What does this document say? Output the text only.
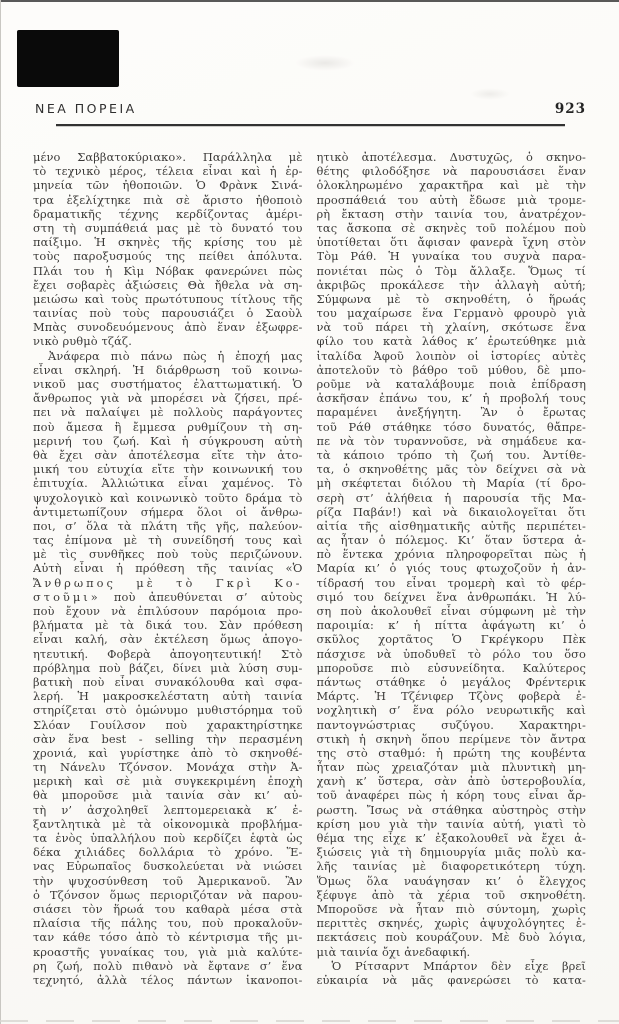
ΝΕΑ ΠΟΡΕΙΑ	923
μένο Σαββατοκύριακο». Παράλληλα μὲ
τὸ τεχνικὸ μέρος, τέλεια εἶναι καὶ ἡ ἑρ-
μηνεία τῶν ἠθοποιῶν. Ὁ Φρὰνκ Σινά-
τρα ἐξελίχτηκε πιὰ σὲ ἄριστο ἠθοποιὸ
δραματικῆς τέχνης κερδίζοντας ἀμέρι-
στη τὴ συμπάθειά μας μὲ τὸ δυνατό του
παίξιμο. Ἡ σκηνὲς τῆς κρίσης του μὲ
τοὺς παροξυσμούς της πείθει ἀπόλυτα.
Πλάι του ἡ Κὶμ Νόβακ φανερώνει πὼς
ἔχει σοβαρὲς ἀξιώσεις Θὰ ἤθελα νὰ ση-
μειώσω καὶ τοὺς πρωτότυπους τίτλους τῆς
ταινίας ποὺ τοὺς παρουσιάζει ὁ Σαοὺλ
Μπὰς συνοδευόμενους ἀπὸ ἕναν ἐξωφρε-
νικὸ ρυθμὸ τζάζ.
Ἀνάφερα πιὸ πάνω πὼς ἡ ἐποχή μας
εἶναι σκληρή. Ἡ διάρθρωση τοῦ κοινω-
νικοῦ μας συστήματος ἐλαττωματική. Ὁ
ἄνθρωπος γιὰ νὰ μπορέσει νὰ ζήσει, πρέ-
πει νὰ παλαίψει μὲ πολλοὺς παράγοντες
ποὺ ἄμεσα ἢ ἔμμεσα ρυθμίζουν τὴ ση-
μερινή του ζωή. Καὶ ἡ σύγκρουση αὐτὴ
θὰ ἔχει σὰν ἀποτέλεσμα εἴτε τὴν ἀτο-
μική του εὐτυχία εἴτε τὴν κοινωνική του
ἐπιτυχία. Ἀλλιώτικα εἶναι χαμένος. Τὸ
ψυχολογικὸ καὶ κοινωνικὸ τοῦτο δράμα τὸ
ἀντιμετωπίζουν σήμερα ὅλοι οἱ ἄνθρω-
ποι, σ’ ὅλα τὰ πλάτη τῆς γῆς, παλεύον-
τας ἐπίμονα μὲ τὴ συνείδησή τους καὶ
μὲ τὶς συνθῆκες ποὺ τοὺς περιζώνουν.
Αὐτὴ εἶναι ἡ πρόθεση τῆς ταινίας «Ὁ
Ἄνθρωπος μὲ τὸ Γκρὶ Κο-
στοῦμι» ποὺ ἀπευθύνεται σ’ αὐτοὺς
ποὺ ἔχουν νὰ ἐπιλύσουν παρόμοια προ-
βλήματα μὲ τὰ δικά του. Σὰν πρόθεση
εἶναι καλή, σὰν ἐκτέλεση ὅμως ἀπογο-
ητευτική. Φοβερὰ ἀπογοητευτική! Στὸ
πρόβλημα ποὺ βάζει, δίνει μιὰ λύση συμ-
βατικὴ ποὺ εἶναι συνακόλουθα καὶ σφα-
λερή. Ἡ μακροσκελέστατη αὐτὴ ταινία
στηρίζεται στὸ ὁμώνυμο μυθιστόρημα τοῦ
Σλόαν Γουίλσον ποὺ χαρακτηρίστηκε
σὰν ἕνα best - selling τὴν περασμένη
χρονιά, καὶ γυρίστηκε ἀπὸ τὸ σκηνοθέ-
τη Νάνελυ Τζόνσον. Μονάχα στὴν Ἀ-
μερικὴ καὶ σὲ μιὰ συγκεκριμένη ἐποχὴ
θὰ μποροῦσε μιὰ ταινία σὰν κι’ αὐ-
τὴ ν’ ἀσχοληθεῖ λεπτομερειακὰ κ’ ἐ-
ξαντλητικὰ μὲ τὰ οἰκονομικὰ προβλήμα-
τα ἑνὸς ὑπαλλήλου ποὺ κερδίζει ἑφτὰ ὡς
δέκα χιλιάδες δολλάρια τὸ χρόνο. Ἕ-
νας Εὐρωπαῖος δυσκολεύεται νὰ νιώσει
τὴν ψυχοσύνθεση τοῦ Ἀμερικανοῦ. Ἂν
ὁ Τζόνσον ὅμως περιοριζόταν νὰ παρου-
σιάσει τὸν ἥρωά του καθαρὰ μέσα στὰ
πλαίσια τῆς πάλης του, ποὺ προκαλοῦν-
ταν κάθε τόσο ἀπὸ τὸ κέντρισμα τῆς μι-
κροαστῆς γυναίκας του, γιὰ μιὰ καλύτε-
ρη ζωή, πολὺ πιθανὸ νὰ ἔφτανε σ’ ἕνα
τεχνητό, ἀλλὰ τέλος πάντων ἱκανοποι-
ητικὸ ἀποτέλεσμα. Δυστυχῶς, ὁ σκηνο-
θέτης φιλοδόξησε νὰ παρουσιάσει ἕναν
ὁλοκληρωμένο χαρακτῆρα καὶ μὲ τὴν
προσπάθειά του αὐτὴ ἔδωσε μιὰ τρομε-
ρὴ ἔκταση στὴν ταινία του, ἀνατρέχον-
τας ἄσκοπα σὲ σκηνὲς τοῦ πολέμου ποὺ
ὑποτίθεται ὅτι ἄφισαν φανερὰ ἴχνη στὸν
Τὸμ Ράθ. Ἡ γυναίκα του συχνὰ παρα-
πονιέται πὼς ὁ Τὸμ ἄλλαξε. Ὅμως τί
ἀκριβῶς προκάλεσε τὴν ἀλλαγὴ αὐτή;
Σύμφωνα μὲ τὸ σκηνοθέτη, ὁ ἥρωάς
του μαχαίρωσε ἕνα Γερμανὸ φρουρὸ γιὰ
νὰ τοῦ πάρει τὴ χλαίνη, σκότωσε ἕνα
φίλο του κατὰ λάθος κ’ ἐρωτεύθηκε μιὰ
ἰταλίδα Ἀφοῦ λοιπὸν οἱ ἱστορίες αὐτὲς
ἀποτελοῦν τὸ βάθρο τοῦ μύθου, δὲ μπο-
ροῦμε νὰ καταλάβουμε ποιὰ ἐπίδραση
ἀσκῆσαν ἐπάνω του, κ’ ἡ προβολή τους
παραμένει ἀνεξήγητη. Ἂν ὁ ἔρωτας
τοῦ Ράθ στάθηκε τόσο δυνατός, θἄπρε-
πε νὰ τὸν τυραννοῦσε, νὰ σημάδευε κα-
τὰ κάποιο τρόπο τὴ ζωή του. Ἀντίθε-
τα, ὁ σκηνοθέτης μᾶς τὸν δείχνει σὰ νὰ
μὴ σκέφτεται διόλου τὴ Μαρία (τί δρο-
σερὴ στ’ ἀλήθεια ἡ παρουσία τῆς Μα-
ρίζα Παβάν!) καὶ νὰ δικαιολογεῖται ὅτι
αἰτία τῆς αἰσθηματικῆς αὐτῆς περιπέτει-
ας ἦταν ὁ πόλεμος. Κι’ ὅταν ὕστερα ἀ-
πὸ ἕντεκα χρόνια πληροφορεῖται πὼς ἡ
Μαρία κι’ ὁ γιός τους φτωχοζοῦν ἡ ἀν-
τίδρασή του εἶναι τρομερὴ καὶ τὸ φέρ-
σιμό του δείχνει ἕνα ἀνθρωπάκι. Ἡ λύ-
ση ποὺ ἀκολουθεῖ εἶναι σύμφωνη μὲ τὴν
παροιμία: κ’ ἡ πίττα ἀφάγωτη κι’ ὁ
σκῦλος χορτᾶτος Ὁ Γκρέγκορυ Πὲκ
πάσχισε νὰ ὑποδυθεῖ τὸ ρόλο του ὅσο
μποροῦσε πιὸ εὐσυνείδητα. Καλύτερος
πάντως στάθηκε ὁ μεγάλος Φρέντερικ
Μάρτς. Ἡ Τζένιφερ Τζὸνς φοβερὰ ἐ-
νοχλητικὴ σ’ ἕνα ρόλο νευρωτικῆς καὶ
παντογνώστριας συζύγου. Χαρακτηρι-
στικὴ ἡ σκηνὴ ὅπου περίμενε τὸν ἄντρα
της στὸ σταθμό: ἡ πρώτη της κουβέντα
ἦταν πὼς χρειαζόταν μιὰ πλυντικὴ μη-
χανὴ κ’ ὕστερα, σὰν ἀπὸ ὑστεροβουλία,
τοῦ ἀναφέρει πὼς ἡ κόρη τους εἶναι ἄρ-
ρωστη. Ἴσως νὰ στάθηκα αὐστηρὸς στὴν
κρίση μου γιὰ τὴν ταινία αὐτή, γιατὶ τὸ
θέμα της εἶχε κ’ ἐξακολουθεῖ νὰ ἔχει ἀ-
ξιώσεις γιὰ τὴ δημιουργία μιᾶς πολὺ κα-
λῆς ταινίας μὲ διαφορετικότερη τύχη.
Ὅμως ὅλα ναυάγησαν κι’ ὁ ἔλεγχος
ξέφυγε ἀπὸ τὰ χέρια τοῦ σκηνοθέτη.
Μποροῦσε νὰ ἦταν πιὸ σύντομη, χωρὶς
περιττὲς σκηνές, χωρὶς ἀψυχολόγητες ἐ-
πεκτάσεις ποὺ κουράζουν. Μὲ δυὸ λόγια,
μιὰ ταινία ὄχι ἀνεδαφική.
Ὁ Ρίτσαρντ Μπάρτον δὲν εἶχε βρεῖ
εὐκαιρία νὰ μᾶς φανερώσει τὸ κατα-
